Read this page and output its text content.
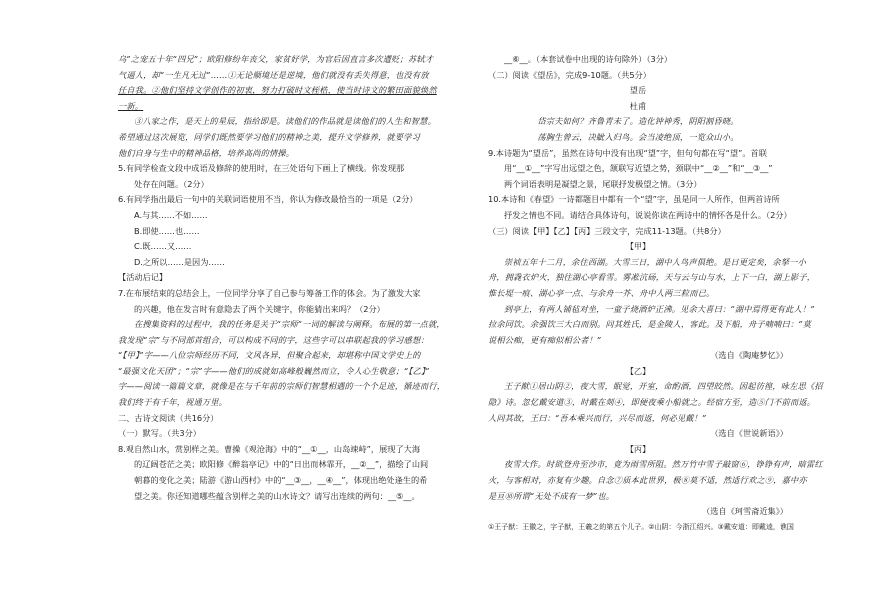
乌”之宠五十年“四兄”；欧阳修纷年丧父，家贫好学，为官后因直言多次遭贬；苏轼才
气逼人，却“一生凡无过”……①无论顺境还是逆境，他们就没有丢失得意，也没有放
任自我。②他们坚持文学创作的初衷，努力打破时文桎梏，使当时诗文的繁田面貌焕然
一新。
③八家之作，是天上的星辰，指给即是。读他们的作品就是读他们的人生和智慧。
希望通过这次展览，同学们既然要学习他们的精神之美，提升文学修养，就要学习
他们自身与生中的精神品格，培养高尚的情操。
5.有同学检查文段中成语及修辞的使用时，在三处语句下画上了横线。你发现那
处存在问题。（2分）
6.有同学指出最后一句中的关联词语使用不当，你认为修改最恰当的一项是（2分）
A.与其……不如……
B.即使……也……
C.既……又……
D.之所以……是因为……
【活动后记】
7.在布展结束的总结会上，一位同学分享了自己参与筹备工作的体会。为了激发大家
的兴趣，他在发言时有意隐去了两个关键字，你能猜出来吗？（2分）
在搜集资料的过程中，我的任务是关于“宗师”一词的解读与阐释。布展的第一点就，
我发现“宗”与不同部首组合，可以构成不同的字，这些字可以串联起我的学习感想：
“【甲】”字——八位宗师经历不同，文风各异，但聚合起来，却堪称中国文学史上的
“最强文化天团”；“宗”字——他们的成就如高峰般巍然而立，令人心生敬意；“【乙】”
字——阅读一篇篇文章，就像是在与千年前的宗师们智慧相遇的一个个足迹，循迹而行，
我们终于有千年，视通万里。
二、古诗文阅读（共16分）
（一）默写。（共3分）
8.观自然山水，赏别样之美。曹操《观沧海》中的“__①__，山岛竦峙”，展现了大海
的辽阔苍茫之美；欧阳修《醉翁亭记》中的“日出而林霏开，__②__”，描绘了山间
朝暮的变化之美；陆游《游山西村》中的“__③__，__④__”，体现出绝处逢生的希
望之美。你还知道哪些蕴含别样之美的山水诗文？请写出连续的两句：__⑤__。
__⑥__。（本套试卷中出现的诗句除外）（3分）
（二）阅读《望岳》，完成9-10题。（共5分）
望岳
杜甫
岱宗夫如何？齐鲁青未了。造化钟神秀，阴阳割昏晓。
荡胸生曾云，决眦入归鸟。会当凌绝顶，一览众山小。
9.本诗题为“望岳”，虽然在诗句中没有出现“望”字，但句句都在写“望”。首联
用“__①__”字写出远望之色，颔联写近望之势，颈联中“__②__”和“__③__”
两个词语表明是凝望之景，尾联抒发极望之情。（3分）
10.本诗和《春望》一诗都题目中都有一个“望”字，虽是同一人所作，但两首诗所
抒发之情也不同。请结合具体诗句，说说你读在两诗中的情怀各是什么。（2分）
（三）阅读【甲】【乙】【丙】三段文字，完成11-13题。（共8分）
【甲】
崇祯五年十二月，余住西湖。大雪三日，湖中人鸟声俱绝。是日更定矣，余拏一小
舟，拥毳衣炉火，独往湖心亭看雪。雾凇沆砀，天与云与山与水，上下一白，湖上影子，
惟长堤一痕、湖心亭一点、与余舟一芥、舟中人两三粒而已。
到亭上，有两人铺毡对坐，一童子烧酒炉正沸。见余大喜曰：“湖中焉得更有此人！”
拉余同饮。余强饮三大白而别。问其姓氏，是金陵人，客此。及下船，舟子喃喃曰：“莫
说相公痴，更有痴似相公者！”
（选自《陶庵梦忆》）
【乙】
王子猷①居山阴②，夜大雪，眠觉，开室，命酌酒，四望皎然。因起彷徨，咏左思《招
隐》诗。忽忆戴安道③，时戴在剡④，即便夜乘小船就之。经宿方至，造⑤门不前而返。
人问其故，王曰：“吾本乘兴而行，兴尽而返，何必见戴！”
（选自《世说新语》）
【丙】
夜雪大作。时欲登舟至沙市，竟为雨雪所阻。然万竹中雪子敲窗⑥，铮铮有声，暗雷红
火，与客相对，亦复有少趣。自念⑦质本此世界，极⑧莫不适，然适行欢之⑨，嘉中亦
是亘⑩所谓“无处不成有一梦”也。
（选自《珂雪斋近集》）
①王子猷：王徽之，字子猷，王羲之的第五个儿子。②山阴：今浙江绍兴。③戴安道：即戴逵，谯国
